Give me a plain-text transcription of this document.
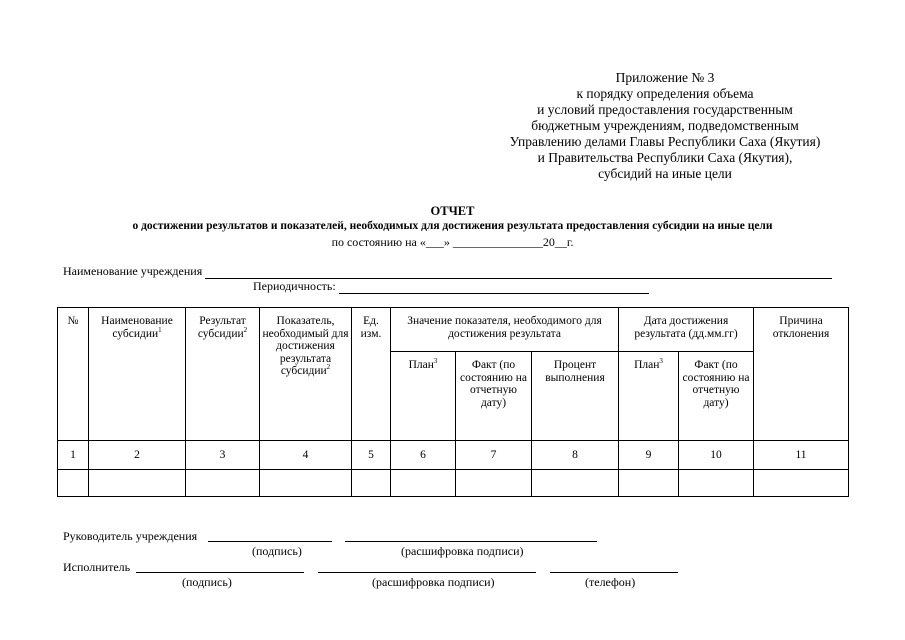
Приложение № 3
к порядку определения объема
и условий предоставления государственным
бюджетным учреждениям, подведомственным
Управлению делами Главы Республики Саха (Якутия)
и Правительства Республики Саха (Якутия),
субсидий на иные цели
ОТЧЕТ
о достижении результатов и показателей, необходимых для достижения результата предоставления субсидии на иные цели
по состоянию на «___» _______________20__г.
Наименование учреждения
Периодичность:
№	Наименование субсидии$^1$	Результат субсидии$^2$	Показатель, необходимый для достижения результата субсидии$^2$	Ед. изм.	Значение показателя, необходимого для достижения результата			Дата достижения результата (дд.мм.гг)		Причина отклонения
					План$^3$	Факт (по состоянию на отчетную дату)	Процент выполнения	План$^3$	Факт (по состоянию на отчетную дату)	
1	2	3	4	5	6	7	8	9	10	11

Руководитель учреждения
(подпись)	(расшифровка подписи)
Исполнитель
(подпись)	(расшифровка подписи)	(телефон)
